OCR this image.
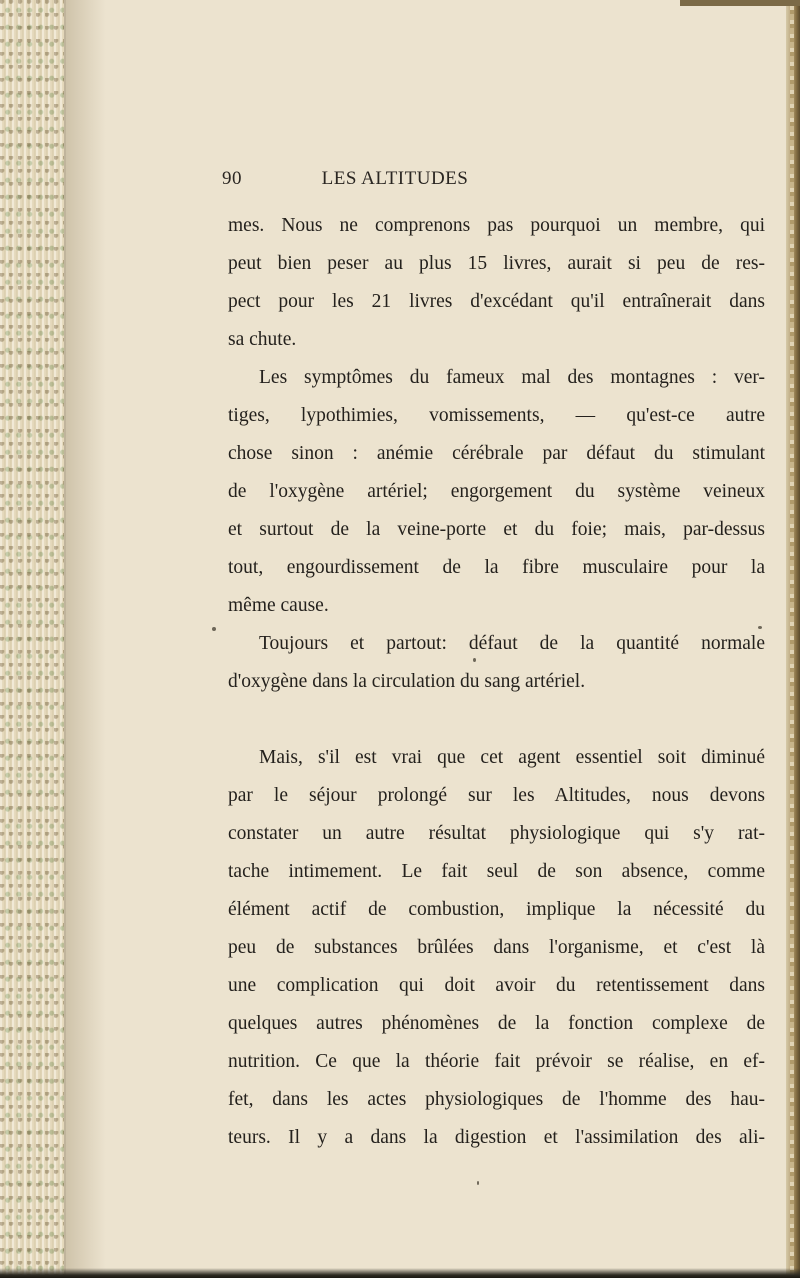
90	LES ALTITUDES
mes. Nous ne comprenons pas pourquoi un membre, qui
peut bien peser au plus 15 livres, aurait si peu de res-
pect pour les 21 livres d'excédant qu'il entraînerait dans
sa chute.
Les symptômes du fameux mal des montagnes : ver-
tiges, lypothimies, vomissements, — qu'est-ce autre
chose sinon : anémie cérébrale par défaut du stimulant
de l'oxygène artériel; engorgement du système veineux
et surtout de la veine-porte et du foie; mais, par-dessus
tout, engourdissement de la fibre musculaire pour la
même cause.
Toujours et partout: défaut de la quantité normale
d'oxygène dans la circulation du sang artériel.
Mais, s'il est vrai que cet agent essentiel soit diminué
par le séjour prolongé sur les Altitudes, nous devons
constater un autre résultat physiologique qui s'y rat-
tache intimement. Le fait seul de son absence, comme
élément actif de combustion, implique la nécessité du
peu de substances brûlées dans l'organisme, et c'est là
une complication qui doit avoir du retentissement dans
quelques autres phénomènes de la fonction complexe de
nutrition. Ce que la théorie fait prévoir se réalise, en ef-
fet, dans les actes physiologiques de l'homme des hau-
teurs. Il y a dans la digestion et l'assimilation des ali-
